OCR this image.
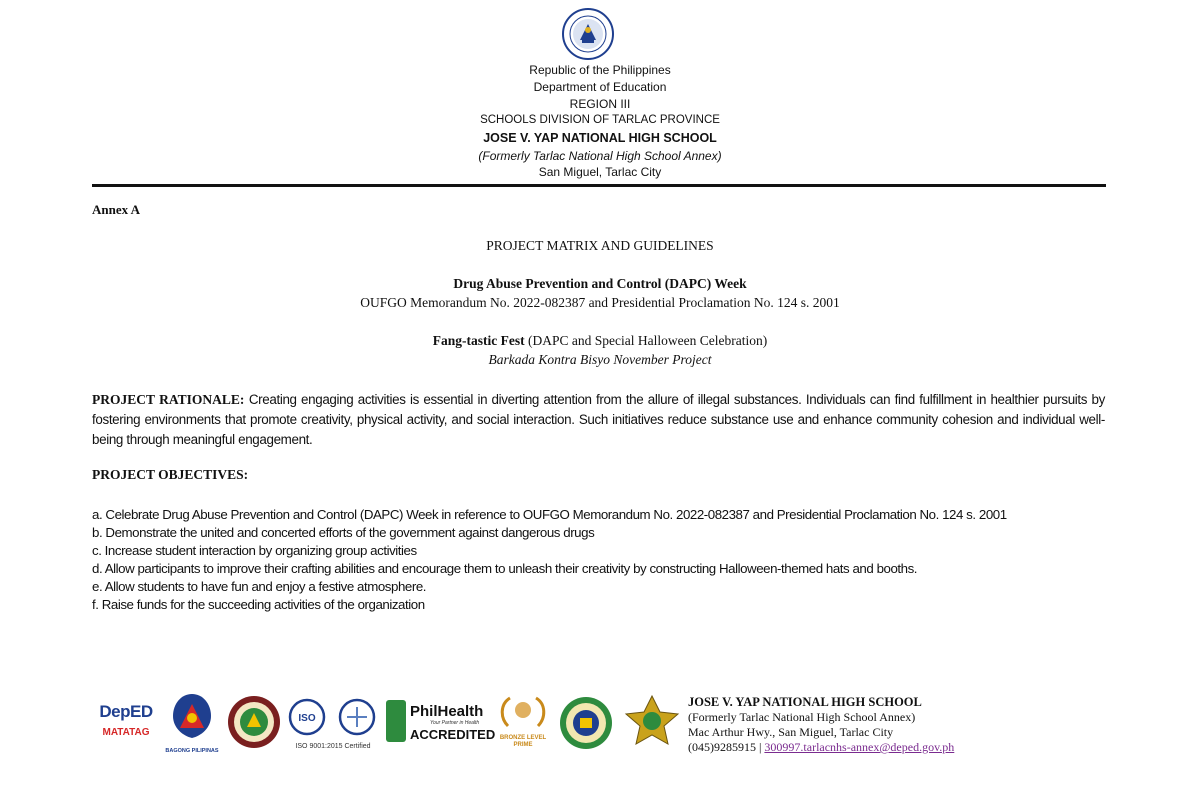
Republic of the Philippines
Department of Education
REGION III
SCHOOLS DIVISION OF TARLAC PROVINCE
JOSE V. YAP NATIONAL HIGH SCHOOL
(Formerly Tarlac National High School Annex)
San Miguel, Tarlac City
Annex A
PROJECT MATRIX AND GUIDELINES
Drug Abuse Prevention and Control (DAPC) Week
OUFGO Memorandum No. 2022-082387 and Presidential Proclamation No. 124 s. 2001
Fang-tastic Fest (DAPC and Special Halloween Celebration)
Barkada Kontra Bisyo November Project
PROJECT RATIONALE: Creating engaging activities is essential in diverting attention from the allure of illegal substances. Individuals can find fulfillment in healthier pursuits by fostering environments that promote creativity, physical activity, and social interaction. Such initiatives reduce substance use and enhance community cohesion and individual well-being through meaningful engagement.
PROJECT OBJECTIVES:
a. Celebrate Drug Abuse Prevention and Control (DAPC) Week in reference to OUFGO Memorandum No. 2022-082387 and Presidential Proclamation No. 124 s. 2001
b. Demonstrate the united and concerted efforts of the government against dangerous drugs
c. Increase student interaction by organizing group activities
d. Allow participants to improve their crafting abilities and encourage them to unleash their creativity by constructing Halloween-themed hats and booths.
e. Allow students to have fun and enjoy a festive atmosphere.
f. Raise funds for the succeeding activities of the organization
DepED
MATATAG
BAGONG PILIPINAS
ISO
ISO 9001:2015 Certified
PhilHealth
Your Partner in Health
ACCREDITED BRONZE LEVEL PRIME
JOSE V. YAP NATIONAL HIGH SCHOOL
(Formerly Tarlac National High School Annex)
Mac Arthur Hwy., San Miguel, Tarlac City
(045)9285915 | 300997.tarlacnhs-annex@deped.gov.ph
